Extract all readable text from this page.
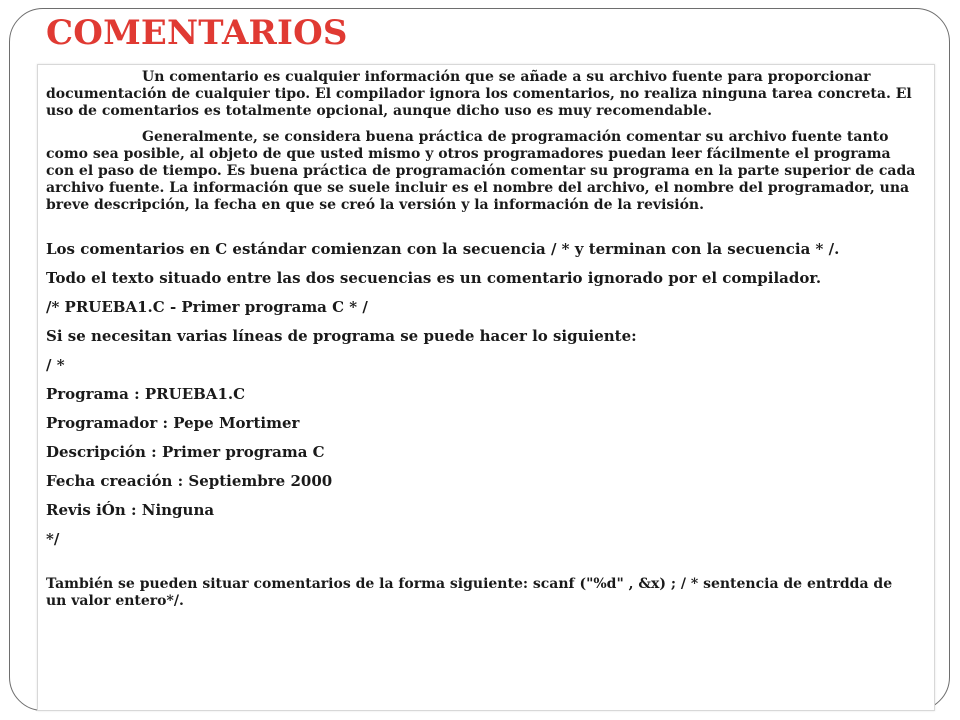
COMENTARIOS

Un comentario es cualquier información que se añade a su archivo fuente para proporcionar documentación de cualquier tipo. El compilador ignora los comentarios, no realiza ninguna tarea concreta. El uso de comentarios es totalmente opcional, aunque dicho uso es muy recomendable.

Generalmente, se considera buena práctica de programación comentar su archivo fuente tanto como sea posible, al objeto de que usted mismo y otros programadores puedan leer fácilmente el programa con el paso de tiempo. Es buena práctica de programación comentar su programa en la parte superior de cada archivo fuente. La información que se suele incluir es el nombre del archivo, el nombre del programador, una breve descripción, la fecha en que se creó la versión y la información de la revisión.

Los comentarios en C estándar comienzan con la secuencia / * y terminan con la secuencia * /.

Todo el texto situado entre las dos secuencias es un comentario ignorado por el compilador.

/* PRUEBA1.C - Primer programa C * /

Si se necesitan varias líneas de programa se puede hacer lo siguiente:

/ *

Programa : PRUEBA1.C

Programador : Pepe Mortimer

Descripción : Primer programa C

Fecha creación : Septiembre 2000

Revis iÓn : Ninguna

*/

También se pueden situar comentarios de la forma siguiente: scanf ("%d" , &x) ; / * sentencia de entrdda de un valor entero*/.
